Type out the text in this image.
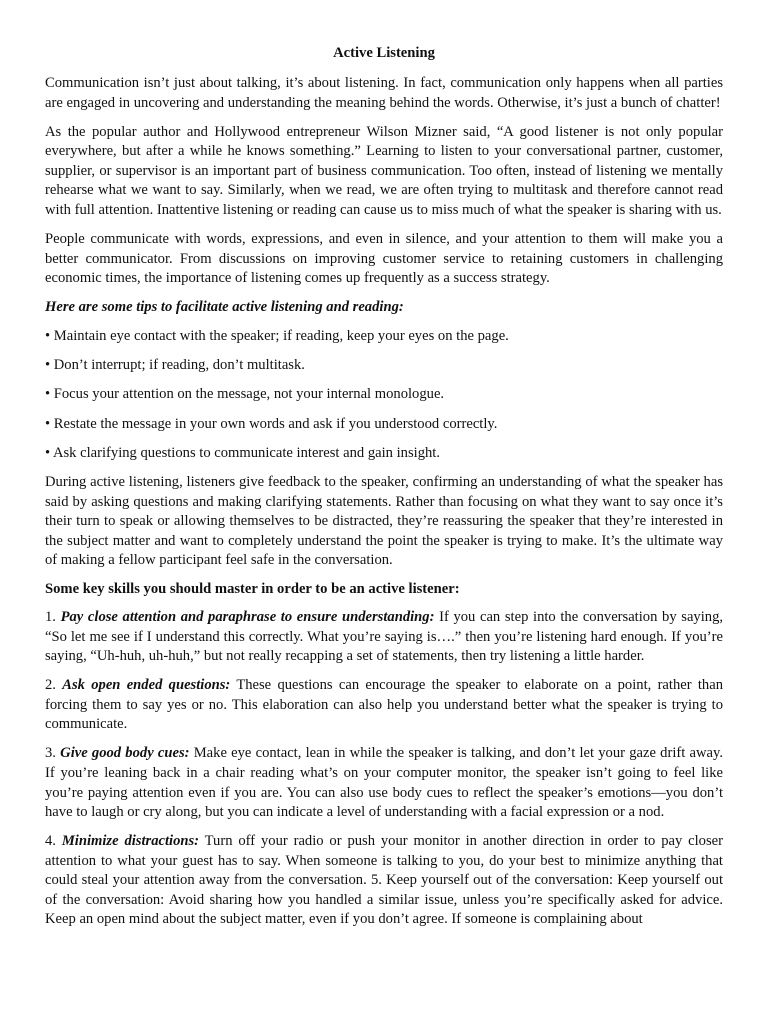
Active Listening

Communication isn’t just about talking, it’s about listening. In fact, communication only happens when all parties are engaged in uncovering and understanding the meaning behind the words. Otherwise, it’s just a bunch of chatter!

As the popular author and Hollywood entrepreneur Wilson Mizner said, “A good listener is not only popular everywhere, but after a while he knows something.” Learning to listen to your conversational partner, customer, supplier, or supervisor is an important part of business communication. Too often, instead of listening we mentally rehearse what we want to say. Similarly, when we read, we are often trying to multitask and therefore cannot read with full attention. Inattentive listening or reading can cause us to miss much of what the speaker is sharing with us.

People communicate with words, expressions, and even in silence, and your attention to them will make you a better communicator. From discussions on improving customer service to retaining customers in challenging economic times, the importance of listening comes up frequently as a success strategy.

Here are some tips to facilitate active listening and reading:

• Maintain eye contact with the speaker; if reading, keep your eyes on the page.

• Don’t interrupt; if reading, don’t multitask.

• Focus your attention on the message, not your internal monologue.

• Restate the message in your own words and ask if you understood correctly.

• Ask clarifying questions to communicate interest and gain insight.

During active listening, listeners give feedback to the speaker, confirming an understanding of what the speaker has said by asking questions and making clarifying statements. Rather than focusing on what they want to say once it’s their turn to speak or allowing themselves to be distracted, they’re reassuring the speaker that they’re interested in the subject matter and want to completely understand the point the speaker is trying to make. It’s the ultimate way of making a fellow participant feel safe in the conversation.

Some key skills you should master in order to be an active listener:

1. Pay close attention and paraphrase to ensure understanding: If you can step into the conversation by saying, “So let me see if I understand this correctly. What you’re saying is….” then you’re listening hard enough. If you’re saying, “Uh-huh, uh-huh,” but not really recapping a set of statements, then try listening a little harder.

2. Ask open ended questions: These questions can encourage the speaker to elaborate on a point, rather than forcing them to say yes or no. This elaboration can also help you understand better what the speaker is trying to communicate.

3. Give good body cues: Make eye contact, lean in while the speaker is talking, and don’t let your gaze drift away. If you’re leaning back in a chair reading what’s on your computer monitor, the speaker isn’t going to feel like you’re paying attention even if you are. You can also use body cues to reflect the speaker’s emotions—you don’t have to laugh or cry along, but you can indicate a level of understanding with a facial expression or a nod.

4. Minimize distractions: Turn off your radio or push your monitor in another direction in order to pay closer attention to what your guest has to say. When someone is talking to you, do your best to minimize anything that could steal your attention away from the conversation. 5. Keep yourself out of the conversation: Keep yourself out of the conversation: Avoid sharing how you handled a similar issue, unless you’re specifically asked for advice. Keep an open mind about the subject matter, even if you don’t agree. If someone is complaining about
